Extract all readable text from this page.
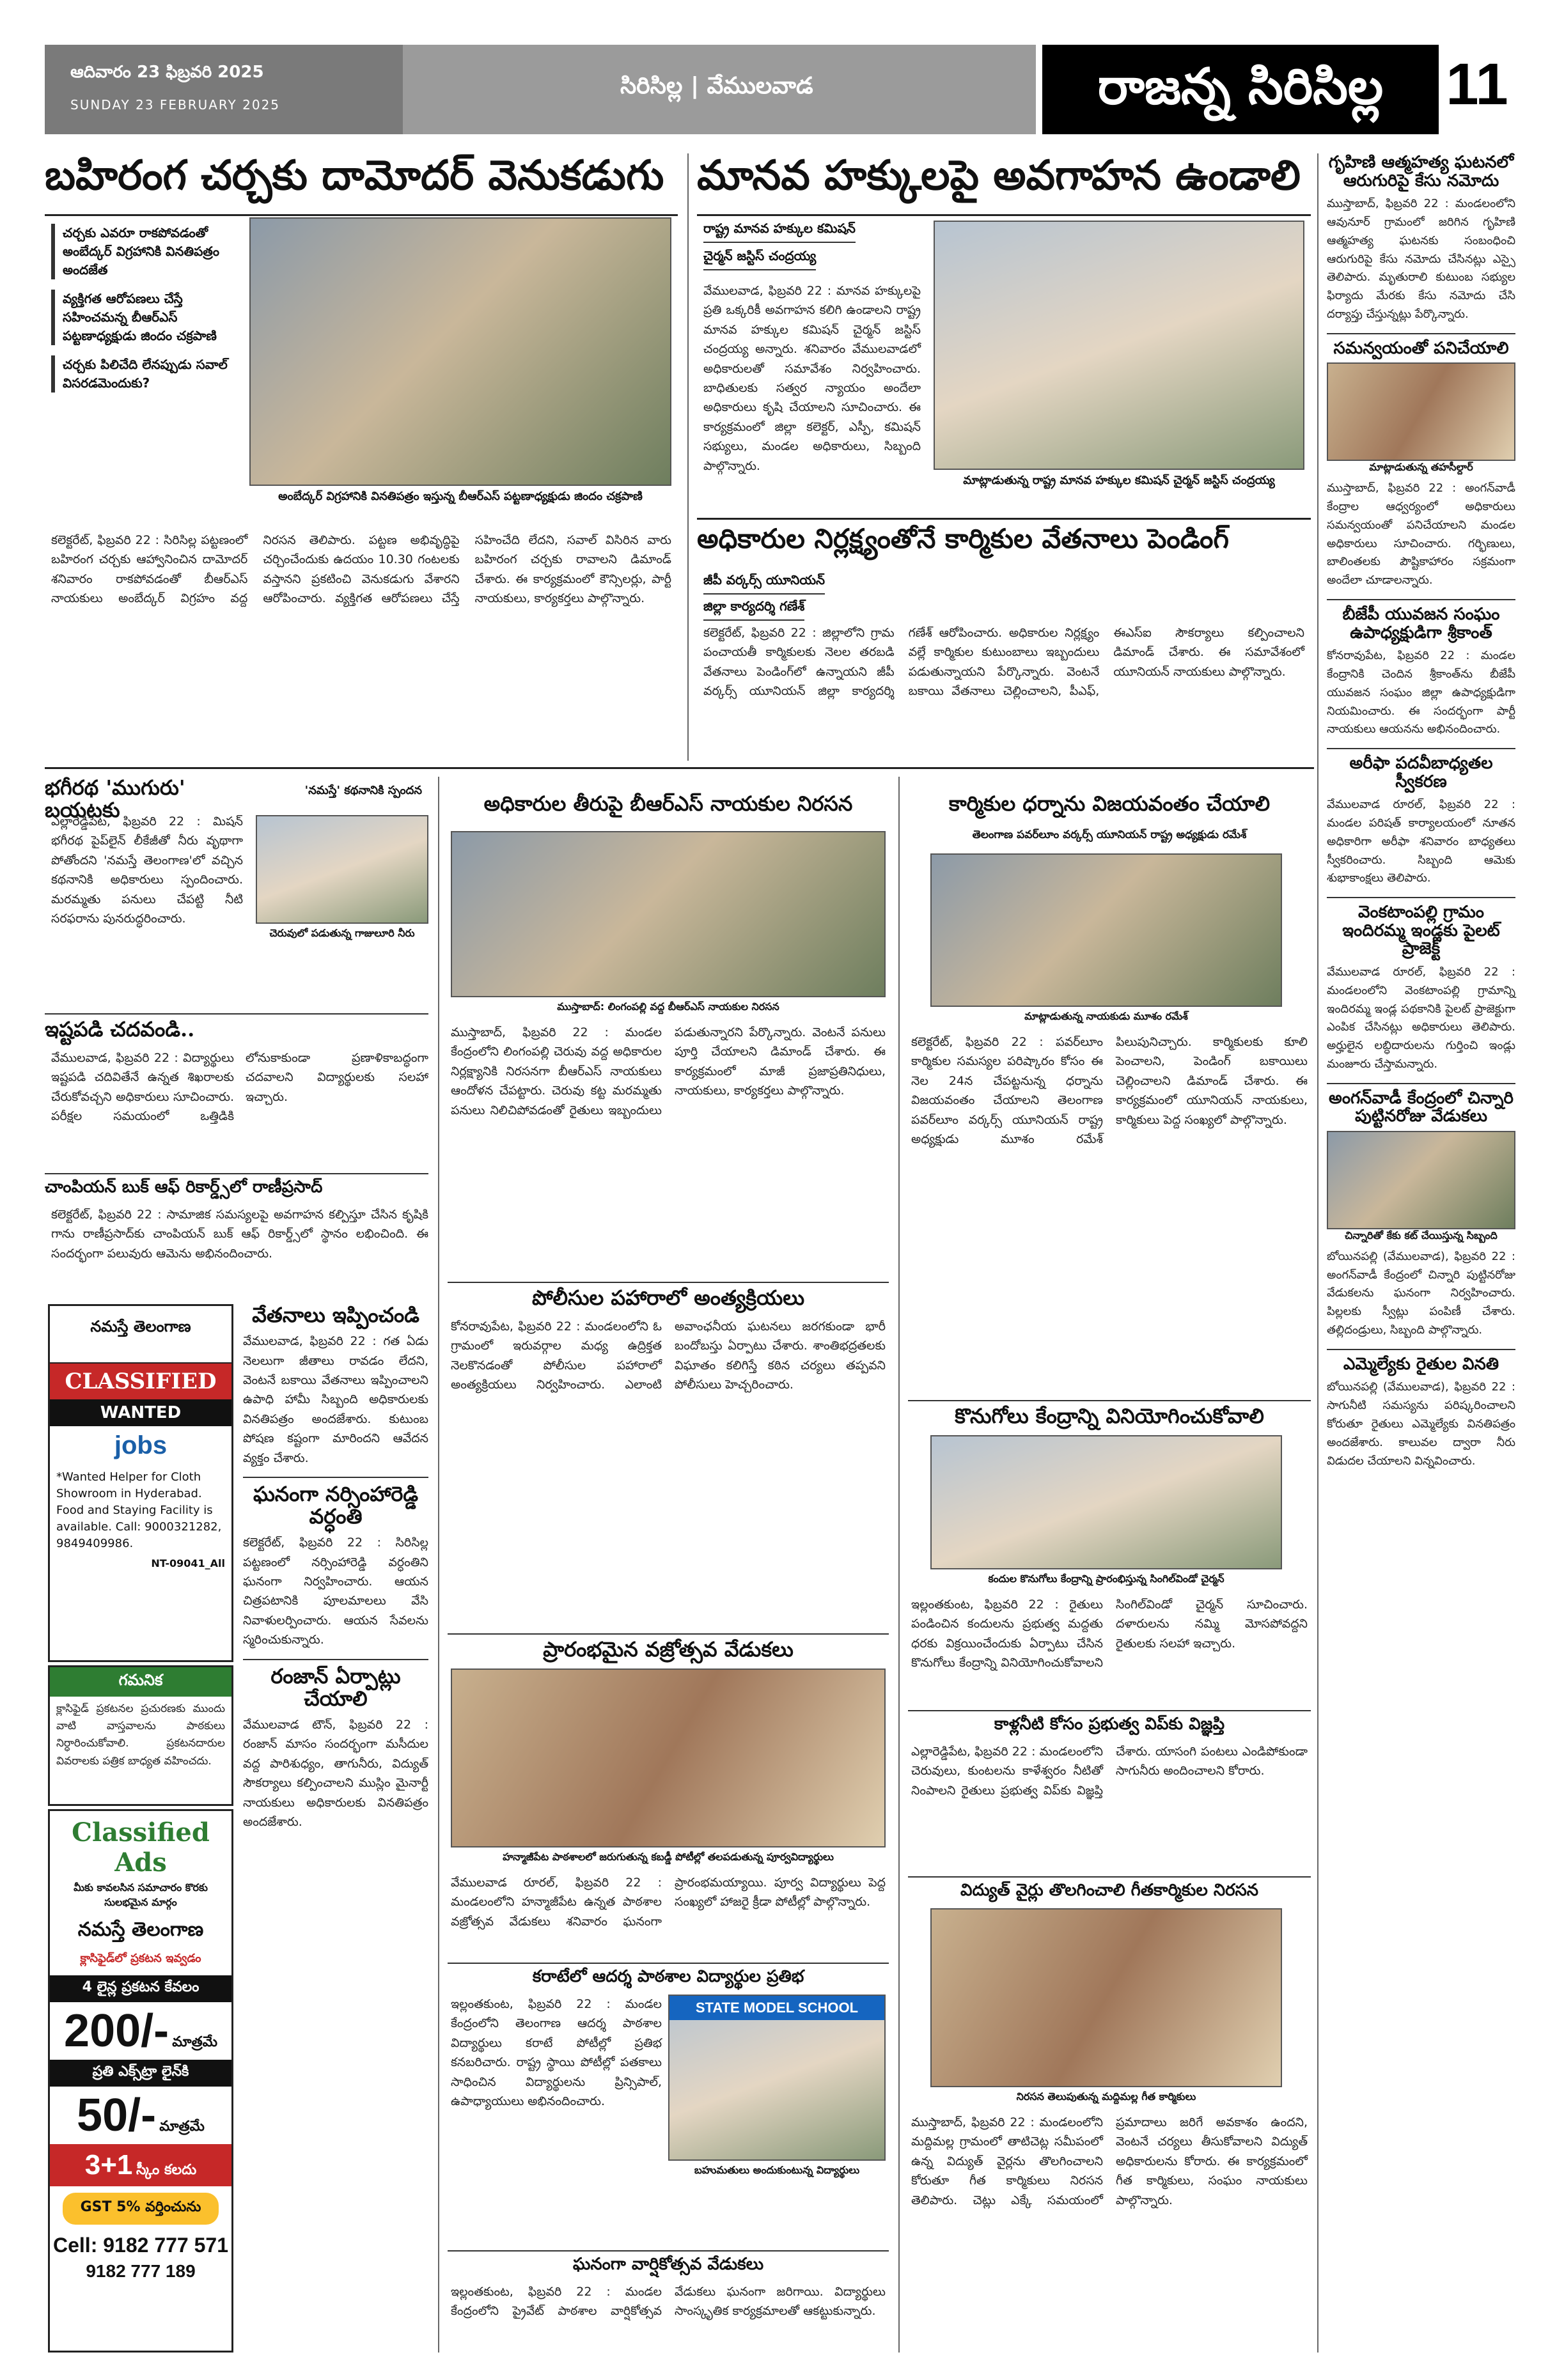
ఆదివారం 23 ఫిబ్రవరి 2025
SUNDAY 23 FEBRUARY 2025
సిరిసిల్ల | వేములవాడ	రాజన్న సిరిసిల్ల	11
బహిరంగ చర్చకు దామోదర్ వెనుకడుగు
చర్చకు ఎవరూ రాకపోవడంతో అంబేద్కర్ విగ్రహానికి వినతిపత్రం అందజేత
వ్యక్తిగత ఆరోపణలు చేస్తే సహించమన్న బీఆర్ఎస్ పట్టణాధ్యక్షుడు జిందం చక్రపాణి
చర్చకు పిలిచేది లేనప్పుడు సవాల్ విసరడమెందుకు?
అంబేద్కర్ విగ్రహానికి వినతిపత్రం ఇస్తున్న బీఆర్ఎస్ పట్టణాధ్యక్షుడు జిందం చక్రపాణి
కలెక్టరేట్, ఫిబ్రవరి 22 : సిరిసిల్ల పట్టణంలో బహిరంగ చర్చకు ఆహ్వానించిన దామోదర్ శనివారం రాకపోవడంతో బీఆర్ఎస్ నాయకులు అంబేద్కర్ విగ్రహం వద్ద నిరసన తెలిపారు. పట్టణ అభివృద్ధిపై చర్చించేందుకు ఉదయం 10.30 గంటలకు వస్తానని ప్రకటించి వెనుకడుగు వేశారని ఆరోపించారు. వ్యక్తిగత ఆరోపణలు చేస్తే సహించేది లేదని, సవాల్ విసిరిన వారు బహిరంగ చర్చకు రావాలని డిమాండ్ చేశారు. ఈ కార్యక్రమంలో కౌన్సిలర్లు, పార్టీ నాయకులు, కార్యకర్తలు పాల్గొన్నారు.
మానవ హక్కులపై అవగాహన ఉండాలి
రాష్ట్ర మానవ హక్కుల కమిషన్
చైర్మన్ జస్టిస్ చంద్రయ్య
వేములవాడ, ఫిబ్రవరి 22 : మానవ హక్కులపై ప్రతి ఒక్కరికీ అవగాహన కలిగి ఉండాలని రాష్ట్ర మానవ హక్కుల కమిషన్ చైర్మన్ జస్టిస్ చంద్రయ్య అన్నారు. శనివారం వేములవాడలో అధికారులతో సమావేశం నిర్వహించారు. బాధితులకు సత్వర న్యాయం అందేలా అధికారులు కృషి చేయాలని సూచించారు. ఈ కార్యక్రమంలో జిల్లా కలెక్టర్, ఎస్పీ, కమిషన్ సభ్యులు, మండల అధికారులు, సిబ్బంది పాల్గొన్నారు.
మాట్లాడుతున్న రాష్ట్ర మానవ హక్కుల కమిషన్ చైర్మన్ జస్టిస్ చంద్రయ్య
అధికారుల నిర్లక్ష్యంతోనే కార్మికుల వేతనాలు పెండింగ్
జీపీ వర్కర్స్ యూనియన్
జిల్లా కార్యదర్శి గణేశ్
కలెక్టరేట్, ఫిబ్రవరి 22 : జిల్లాలోని గ్రామ పంచాయతీ కార్మికులకు నెలల తరబడి వేతనాలు పెండింగ్‌లో ఉన్నాయని జీపీ వర్కర్స్ యూనియన్ జిల్లా కార్యదర్శి గణేశ్ ఆరోపించారు. అధికారుల నిర్లక్ష్యం వల్లే కార్మికుల కుటుంబాలు ఇబ్బందులు పడుతున్నాయని పేర్కొన్నారు. వెంటనే బకాయి వేతనాలు చెల్లించాలని, పీఎఫ్, ఈఎస్ఐ సౌకర్యాలు కల్పించాలని డిమాండ్ చేశారు. ఈ సమావేశంలో యూనియన్ నాయకులు పాల్గొన్నారు.
గృహిణి ఆత్మహత్య ఘటనలో ఆరుగురిపై కేసు నమోదు
ముస్తాబాద్, ఫిబ్రవరి 22 : మండలంలోని ఆవునూర్ గ్రామంలో జరిగిన గృహిణి ఆత్మహత్య ఘటనకు సంబంధించి ఆరుగురిపై కేసు నమోదు చేసినట్లు ఎస్సై తెలిపారు. మృతురాలి కుటుంబ సభ్యుల ఫిర్యాదు మేరకు కేసు నమోదు చేసి దర్యాప్తు చేస్తున్నట్లు పేర్కొన్నారు.
సమన్వయంతో పనిచేయాలి
మాట్లాడుతున్న తహసీల్దార్
ముస్తాబాద్, ఫిబ్రవరి 22 : అంగన్‌వాడీ కేంద్రాల ఆధ్వర్యంలో అధికారులు సమన్వయంతో పనిచేయాలని మండల అధికారులు సూచించారు. గర్భిణులు, బాలింతలకు పౌష్టికాహారం సక్రమంగా అందేలా చూడాలన్నారు.
బీజేపీ యువజన సంఘం ఉపాధ్యక్షుడిగా శ్రీకాంత్
కోనరావుపేట, ఫిబ్రవరి 22 : మండల కేంద్రానికి చెందిన శ్రీకాంత్‌ను బీజేపీ యువజన సంఘం జిల్లా ఉపాధ్యక్షుడిగా నియమించారు. ఈ సందర్భంగా పార్టీ నాయకులు ఆయనను అభినందించారు.
అరీఫా పదవీబాధ్యతల స్వీకరణ
వేములవాడ రూరల్, ఫిబ్రవరి 22 : మండల పరిషత్ కార్యాలయంలో నూతన అధికారిగా అరీఫా శనివారం బాధ్యతలు స్వీకరించారు. సిబ్బంది ఆమెకు శుభాకాంక్షలు తెలిపారు.
వెంకటాంపల్లి గ్రామం ఇందిరమ్మ ఇండ్లకు పైలట్ ప్రాజెక్ట్
వేములవాడ రూరల్, ఫిబ్రవరి 22 : మండలంలోని వెంకటాంపల్లి గ్రామాన్ని ఇందిరమ్మ ఇండ్ల పథకానికి పైలట్ ప్రాజెక్టుగా ఎంపిక చేసినట్లు అధికారులు తెలిపారు. అర్హులైన లబ్ధిదారులను గుర్తించి ఇండ్లు మంజూరు చేస్తామన్నారు.
అంగన్‌వాడీ కేంద్రంలో చిన్నారి పుట్టినరోజు వేడుకలు
చిన్నారితో కేకు కట్ చేయిస్తున్న సిబ్బంది
బోయినపల్లి (వేములవాడ), ఫిబ్రవరి 22 : అంగన్‌వాడీ కేంద్రంలో చిన్నారి పుట్టినరోజు వేడుకలను ఘనంగా నిర్వహించారు. పిల్లలకు స్వీట్లు పంపిణీ చేశారు. తల్లిదండ్రులు, సిబ్బంది పాల్గొన్నారు.
ఎమ్మెల్యేకు రైతుల వినతి
బోయినపల్లి (వేములవాడ), ఫిబ్రవరి 22 : సాగునీటి సమస్యను పరిష్కరించాలని కోరుతూ రైతులు ఎమ్మెల్యేకు వినతిపత్రం అందజేశారు. కాలువల ద్వారా నీరు విడుదల చేయాలని విన్నవించారు.
భగీరథ 'ముగురు' బయటకు
'నమస్తే' కథనానికి స్పందన
ఎల్లారెడ్డిపేట, ఫిబ్రవరి 22 : మిషన్ భగీరథ పైప్‌లైన్ లీకేజీతో నీరు వృథాగా పోతోందని 'నమస్తే తెలంగాణ'లో వచ్చిన కథనానికి అధికారులు స్పందించారు. మరమ్మతు పనులు చేపట్టి నీటి సరఫరాను పునరుద్ధరించారు.
చెరువులో పడుతున్న గాజులూరి నీరు
ఇష్టపడి చదవండి..
వేములవాడ, ఫిబ్రవరి 22 : విద్యార్థులు ఇష్టపడి చదివితేనే ఉన్నత శిఖరాలకు చేరుకోవచ్చని అధికారులు సూచించారు. పరీక్షల సమయంలో ఒత్తిడికి లోనుకాకుండా ప్రణాళికాబద్ధంగా చదవాలని విద్యార్థులకు సలహా ఇచ్చారు.
చాంపియన్ బుక్ ఆఫ్ రికార్డ్స్‌లో రాణీప్రసాద్
కలెక్టరేట్, ఫిబ్రవరి 22 : సామాజిక సమస్యలపై అవగాహన కల్పిస్తూ చేసిన కృషికి గాను రాణీప్రసాద్‌కు చాంపియన్ బుక్ ఆఫ్ రికార్డ్స్‌లో స్థానం లభించింది. ఈ సందర్భంగా పలువురు ఆమెను అభినందించారు.
నమస్తే తెలంగాణ
CLASSIFIED
WANTED
jobs
*Wanted Helper for Cloth Showroom in Hyderabad. Food and Staying Facility is available. Call: 9000321282, 9849409986.
NT-09041_All
గమనిక
క్లాసిఫైడ్ ప్రకటనల ప్రచురణకు ముందు వాటి వాస్తవాలను పాఠకులు నిర్ధారించుకోవాలి. ప్రకటనదారుల వివరాలకు పత్రిక బాధ్యత వహించదు.
Classified Ads
మీకు కావలసిన సమాచారం కొరకు సులభమైన మార్గం
నమస్తే తెలంగాణ
క్లాసిఫైడ్‌లో ప్రకటన ఇవ్వడం
4 లైన్ల ప్రకటన కేవలం
200/- మాత్రమే
ప్రతి ఎక్స్‌ట్రా లైన్‌కి
50/- మాత్రమే
3+1 స్కీం కలదు
GST 5% వర్తించును
Cell: 9182 777 571
9182 777 189
వేతనాలు ఇప్పించండి
వేములవాడ, ఫిబ్రవరి 22 : గత ఏడు నెలలుగా జీతాలు రావడం లేదని, వెంటనే బకాయి వేతనాలు ఇప్పించాలని ఉపాధి హామీ సిబ్బంది అధికారులకు వినతిపత్రం అందజేశారు. కుటుంబ పోషణ కష్టంగా మారిందని ఆవేదన వ్యక్తం చేశారు.
ఘనంగా నర్సింహారెడ్డి వర్ధంతి
కలెక్టరేట్, ఫిబ్రవరి 22 : సిరిసిల్ల పట్టణంలో నర్సింహారెడ్డి వర్ధంతిని ఘనంగా నిర్వహించారు. ఆయన చిత్రపటానికి పూలమాలలు వేసి నివాళులర్పించారు. ఆయన సేవలను స్మరించుకున్నారు.
రంజాన్ ఏర్పాట్లు చేయాలి
వేములవాడ టౌన్, ఫిబ్రవరి 22 : రంజాన్ మాసం సందర్భంగా మసీదుల వద్ద పారిశుధ్యం, తాగునీరు, విద్యుత్ సౌకర్యాలు కల్పించాలని ముస్లిం మైనార్టీ నాయకులు అధికారులకు వినతిపత్రం అందజేశారు.
అధికారుల తీరుపై బీఆర్ఎస్ నాయకుల నిరసన
ముస్తాబాద్: లింగంపల్లి వద్ద బీఆర్ఎస్ నాయకుల నిరసన
ముస్తాబాద్, ఫిబ్రవరి 22 : మండల కేంద్రంలోని లింగంపల్లి చెరువు వద్ద అధికారుల నిర్లక్ష్యానికి నిరసనగా బీఆర్ఎస్ నాయకులు ఆందోళన చేపట్టారు. చెరువు కట్ట మరమ్మతు పనులు నిలిచిపోవడంతో రైతులు ఇబ్బందులు పడుతున్నారని పేర్కొన్నారు. వెంటనే పనులు పూర్తి చేయాలని డిమాండ్ చేశారు. ఈ కార్యక్రమంలో మాజీ ప్రజాప్రతినిధులు, నాయకులు, కార్యకర్తలు పాల్గొన్నారు.
పోలీసుల పహారాలో అంత్యక్రియలు
కోనరావుపేట, ఫిబ్రవరి 22 : మండలంలోని ఓ గ్రామంలో ఇరువర్గాల మధ్య ఉద్రిక్తత నెలకొనడంతో పోలీసుల పహారాలో అంత్యక్రియలు నిర్వహించారు. ఎలాంటి అవాంఛనీయ ఘటనలు జరగకుండా భారీ బందోబస్తు ఏర్పాటు చేశారు. శాంతిభద్రతలకు విఘాతం కలిగిస్తే కఠిన చర్యలు తప్పవని పోలీసులు హెచ్చరించారు.
ప్రారంభమైన వజ్రోత్సవ వేడుకలు
హన్మాజీపేట పాఠశాలలో జరుగుతున్న కబడ్డీ పోటీల్లో తలపడుతున్న పూర్వవిద్యార్థులు
వేములవాడ రూరల్, ఫిబ్రవరి 22 : మండలంలోని హన్మాజీపేట ఉన్నత పాఠశాల వజ్రోత్సవ వేడుకలు శనివారం ఘనంగా ప్రారంభమయ్యాయి. పూర్వ విద్యార్థులు పెద్ద సంఖ్యలో హాజరై క్రీడా పోటీల్లో పాల్గొన్నారు.
కరాటేలో ఆదర్శ పాఠశాల విద్యార్థుల ప్రతిభ
ఇల్లంతకుంట, ఫిబ్రవరి 22 : మండల కేంద్రంలోని తెలంగాణ ఆదర్శ పాఠశాల విద్యార్థులు కరాటే పోటీల్లో ప్రతిభ కనబరిచారు. రాష్ట్ర స్థాయి పోటీల్లో పతకాలు సాధించిన విద్యార్థులను ప్రిన్సిపాల్, ఉపాధ్యాయులు అభినందించారు.
STATE MODEL SCHOOL
బహుమతులు అందుకుంటున్న విద్యార్థులు
ఘనంగా వార్షికోత్సవ వేడుకలు
ఇల్లంతకుంట, ఫిబ్రవరి 22 : మండల కేంద్రంలోని ప్రైవేట్ పాఠశాల వార్షికోత్సవ వేడుకలు ఘనంగా జరిగాయి. విద్యార్థులు సాంస్కృతిక కార్యక్రమాలతో ఆకట్టుకున్నారు.
కార్మికుల ధర్నాను విజయవంతం చేయాలి
తెలంగాణ పవర్‌లూం వర్కర్స్ యూనియన్ రాష్ట్ర అధ్యక్షుడు రమేశ్
మాట్లాడుతున్న నాయకుడు మూశం రమేశ్
కలెక్టరేట్, ఫిబ్రవరి 22 : పవర్‌లూం కార్మికుల సమస్యల పరిష్కారం కోసం ఈ నెల 24న చేపట్టనున్న ధర్నాను విజయవంతం చేయాలని తెలంగాణ పవర్‌లూం వర్కర్స్ యూనియన్ రాష్ట్ర అధ్యక్షుడు మూశం రమేశ్ పిలుపునిచ్చారు. కార్మికులకు కూలి పెంచాలని, పెండింగ్ బకాయిలు చెల్లించాలని డిమాండ్ చేశారు. ఈ కార్యక్రమంలో యూనియన్ నాయకులు, కార్మికులు పెద్ద సంఖ్యలో పాల్గొన్నారు.
కొనుగోలు కేంద్రాన్ని వినియోగించుకోవాలి
కందుల కొనుగోలు కేంద్రాన్ని ప్రారంభిస్తున్న సింగిల్‌విండో చైర్మన్
ఇల్లంతకుంట, ఫిబ్రవరి 22 : రైతులు పండించిన కందులను ప్రభుత్వ మద్దతు ధరకు విక్రయించేందుకు ఏర్పాటు చేసిన కొనుగోలు కేంద్రాన్ని వినియోగించుకోవాలని సింగిల్‌విండో చైర్మన్ సూచించారు. దళారులను నమ్మి మోసపోవద్దని రైతులకు సలహా ఇచ్చారు.
కాళ్లనీటి కోసం ప్రభుత్వ విప్‌కు విజ్ఞప్తి
ఎల్లారెడ్డిపేట, ఫిబ్రవరి 22 : మండలంలోని చెరువులు, కుంటలను కాళేశ్వరం నీటితో నింపాలని రైతులు ప్రభుత్వ విప్‌కు విజ్ఞప్తి చేశారు. యాసంగి పంటలు ఎండిపోకుండా సాగునీరు అందించాలని కోరారు.
విద్యుత్ వైర్లు తొలగించాలి గీతకార్మికుల నిరసన
నిరసన తెలుపుతున్న మద్దిమల్ల గీత కార్మికులు
ముస్తాబాద్, ఫిబ్రవరి 22 : మండలంలోని మద్దిమల్ల గ్రామంలో తాటిచెట్ల సమీపంలో ఉన్న విద్యుత్ వైర్లను తొలగించాలని కోరుతూ గీత కార్మికులు నిరసన తెలిపారు. చెట్లు ఎక్కే సమయంలో ప్రమాదాలు జరిగే అవకాశం ఉందని, వెంటనే చర్యలు తీసుకోవాలని విద్యుత్ అధికారులను కోరారు. ఈ కార్యక్రమంలో గీత కార్మికులు, సంఘం నాయకులు పాల్గొన్నారు.
